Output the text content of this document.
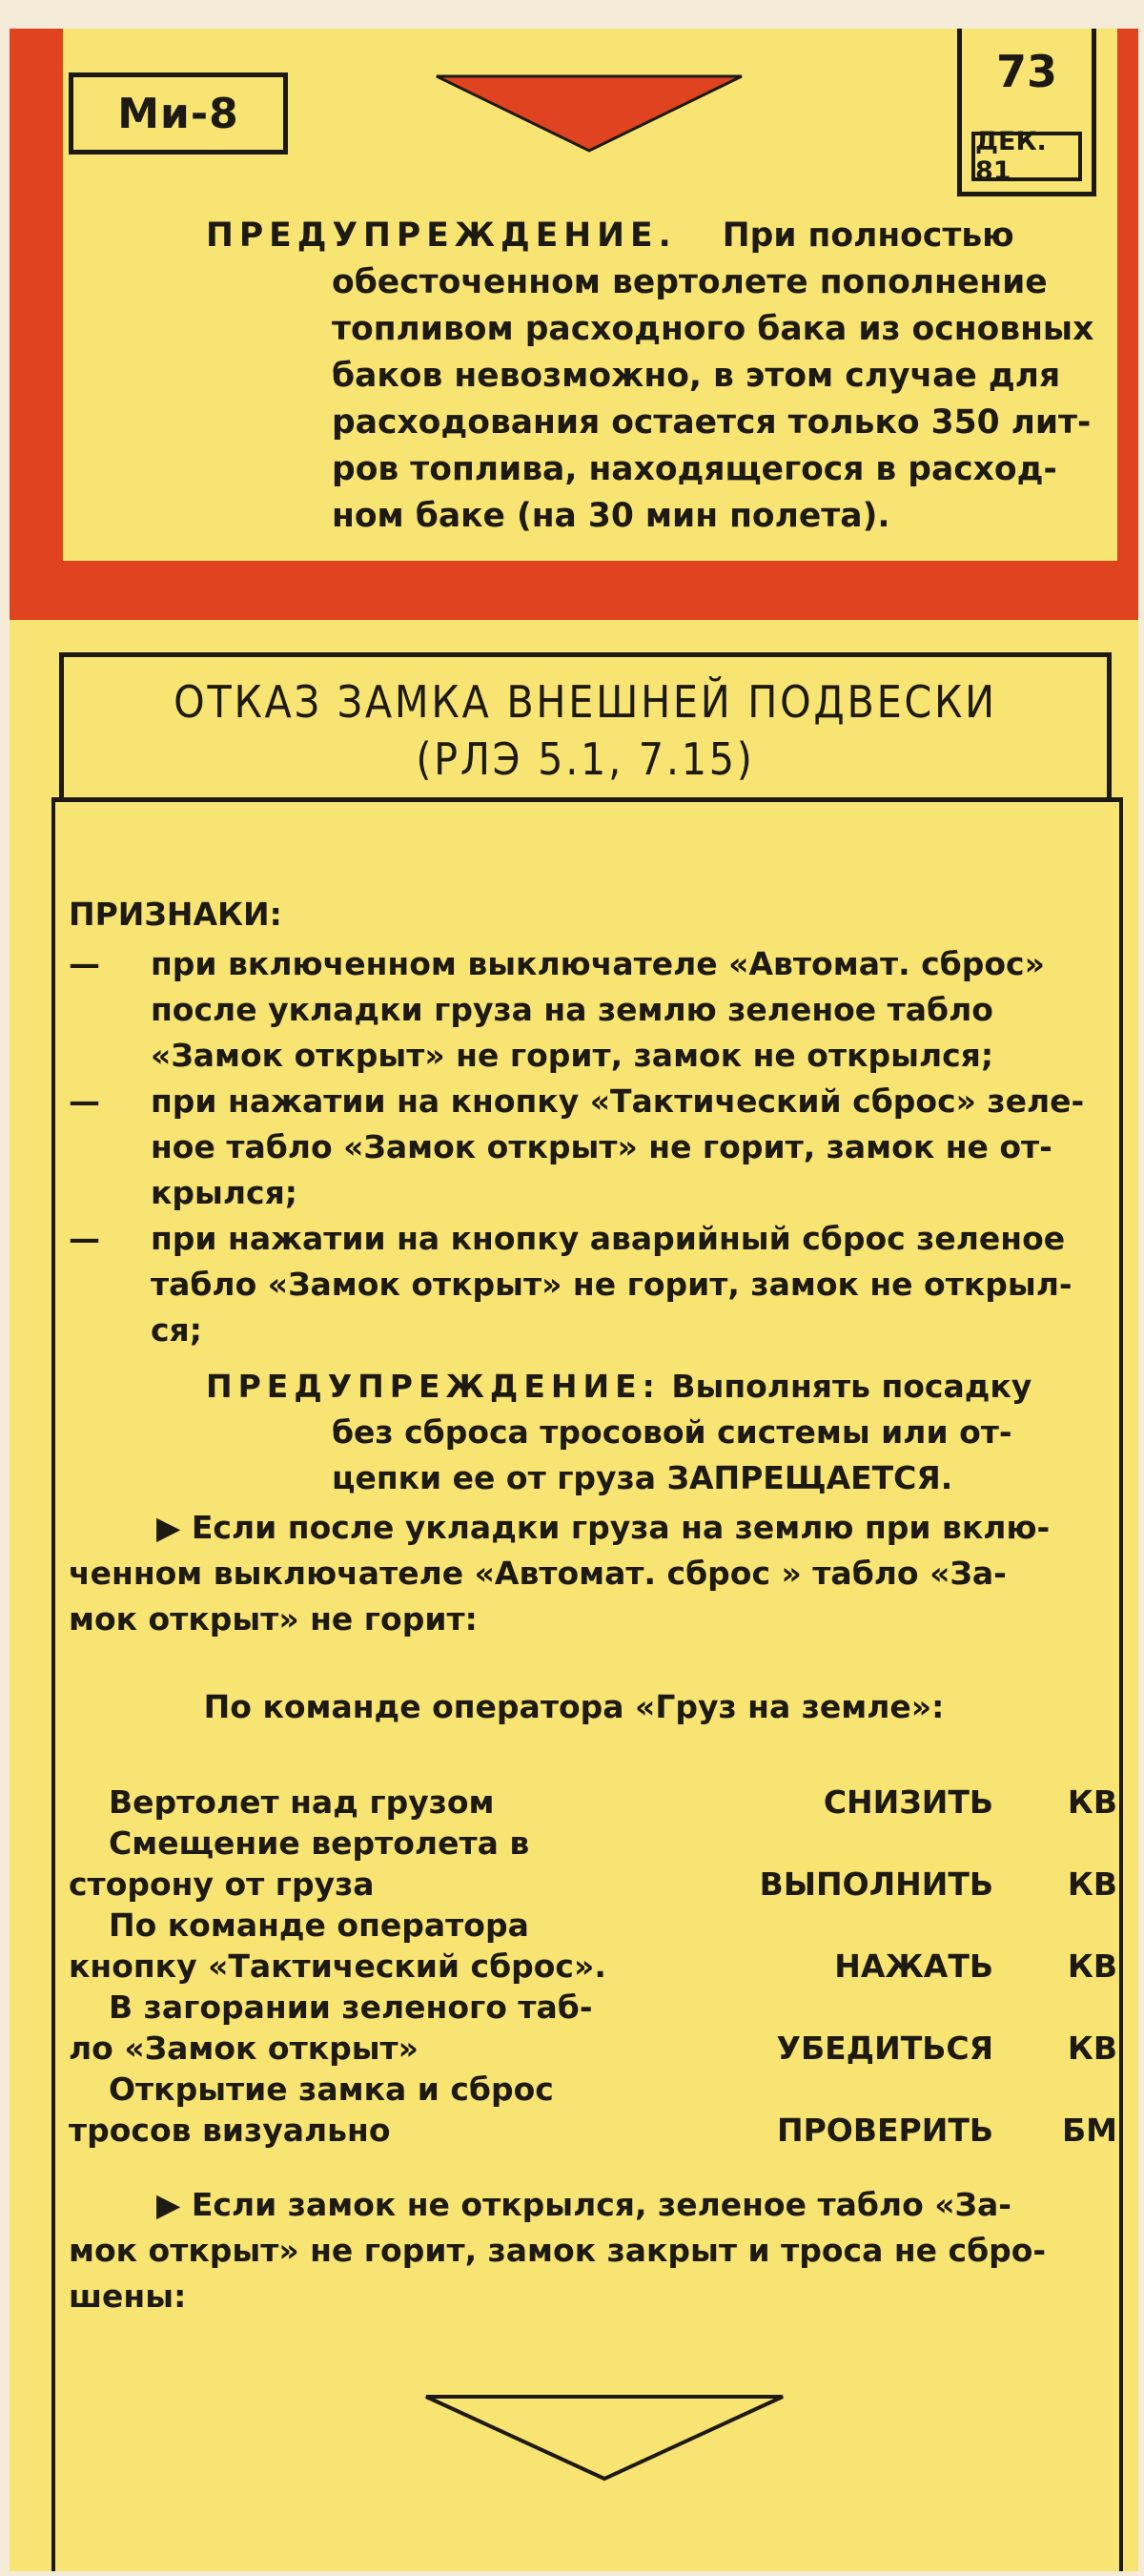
Ми-8
73
ДЕК. 81
ПРЕДУПРЕЖДЕНИЕ. При полностью
обесточенном вертолете пополнение
топливом расходного бака из основных
баков невозможно, в этом случае для
расходования остается только 350 лит-
ров топлива, находящегося в расход-
ном баке (на 30 мин полета).
ОТКАЗ ЗАМКА ВНЕШНЕЙ ПОДВЕСКИ
(РЛЭ 5.1, 7.15)
ПРИЗНАКИ:
— при включенном выключателе «Автомат. сброс»
после укладки груза на землю зеленое табло
«Замок открыт» не горит, замок не открылся;
— при нажатии на кнопку «Тактический сброс» зеле-
ное табло «Замок открыт» не горит, замок не от-
крылся;
— при нажатии на кнопку аварийный сброс зеленое
табло «Замок открыт» не горит, замок не открыл-
ся;
ПРЕДУПРЕЖДЕНИЕ: Выполнять посадку
без сброса тросовой системы или от-
цепки ее от груза ЗАПРЕЩАЕТСЯ.
▶ Если после укладки груза на землю при вклю-
ченном выключателе «Автомат. сброс » табло «За-
мок открыт» не горит:
По команде оператора «Груз на земле»:
Вертолет над грузом	СНИЗИТЬ	КВ
Смещение вертолета в
сторону от груза	ВЫПОЛНИТЬ	КВ
По команде оператора
кнопку «Тактический сброс».	НАЖАТЬ	КВ
В загорании зеленого таб-
ло «Замок открыт»	УБЕДИТЬСЯ	КВ
Открытие замка и сброс
тросов визуально	ПРОВЕРИТЬ	БМ
▶ Если замок не открылся, зеленое табло «За-
мок открыт» не горит, замок закрыт и троса не сбро-
шены:
